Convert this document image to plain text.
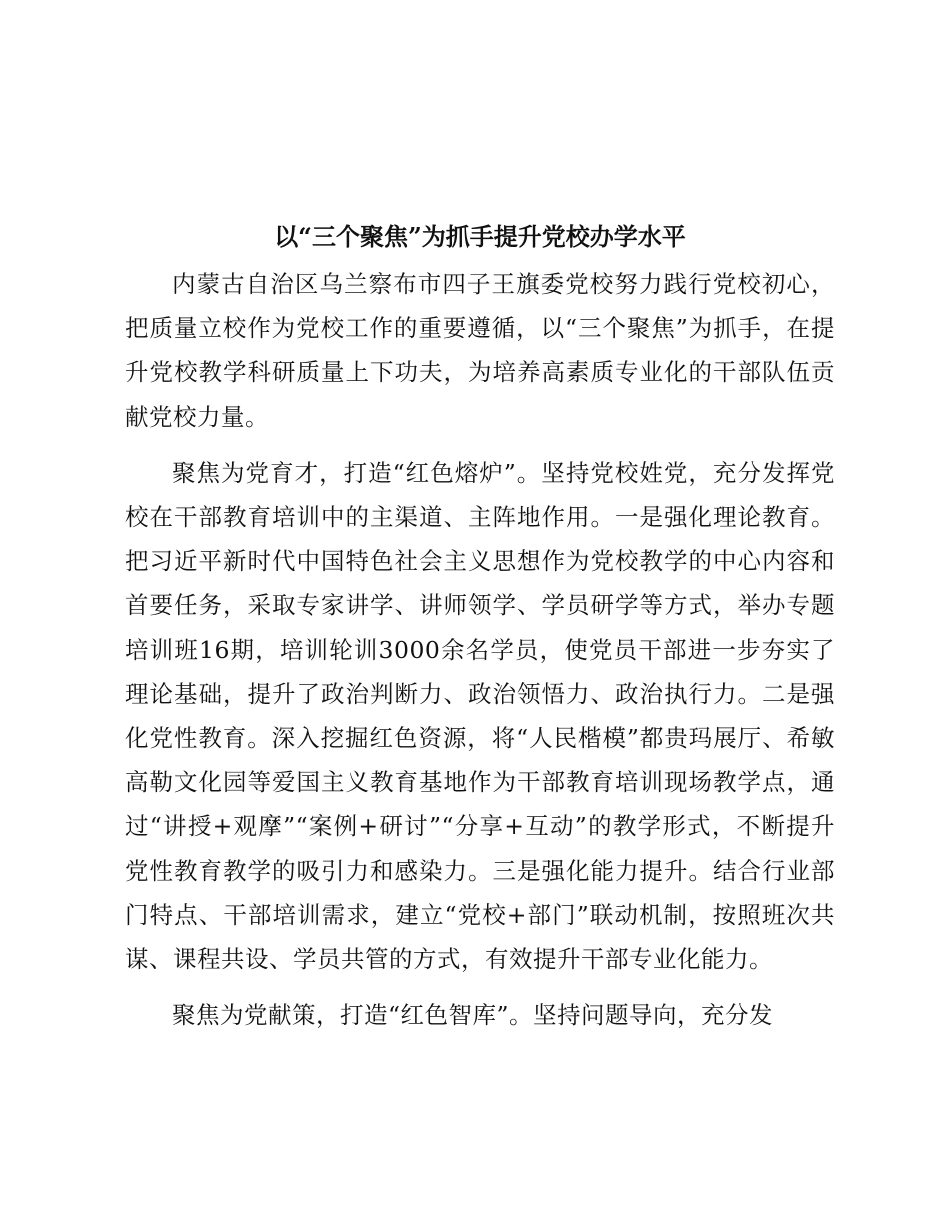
以“三个聚焦”为抓手提升党校办学水平

内蒙古自治区乌兰察布市四子王旗委党校努力践行党校初心，把质量立校作为党校工作的重要遵循，以“三个聚焦”为抓手，在提升党校教学科研质量上下功夫，为培养高素质专业化的干部队伍贡献党校力量。

聚焦为党育才，打造“红色熔炉”。坚持党校姓党，充分发挥党校在干部教育培训中的主渠道、主阵地作用。一是强化理论教育。把习近平新时代中国特色社会主义思想作为党校教学的中心内容和首要任务，采取专家讲学、讲师领学、学员研学等方式，举办专题培训班16期，培训轮训3000余名学员，使党员干部进一步夯实了理论基础，提升了政治判断力、政治领悟力、政治执行力。二是强化党性教育。深入挖掘红色资源，将“人民楷模”都贵玛展厅、希敏高勒文化园等爱国主义教育基地作为干部教育培训现场教学点，通过“讲授+观摩”“案例+研讨”“分享+互动”的教学形式，不断提升党性教育教学的吸引力和感染力。三是强化能力提升。结合行业部门特点、干部培训需求，建立“党校+部门”联动机制，按照班次共谋、课程共设、学员共管的方式，有效提升干部专业化能力。

聚焦为党献策，打造“红色智库”。坚持问题导向，充分发
